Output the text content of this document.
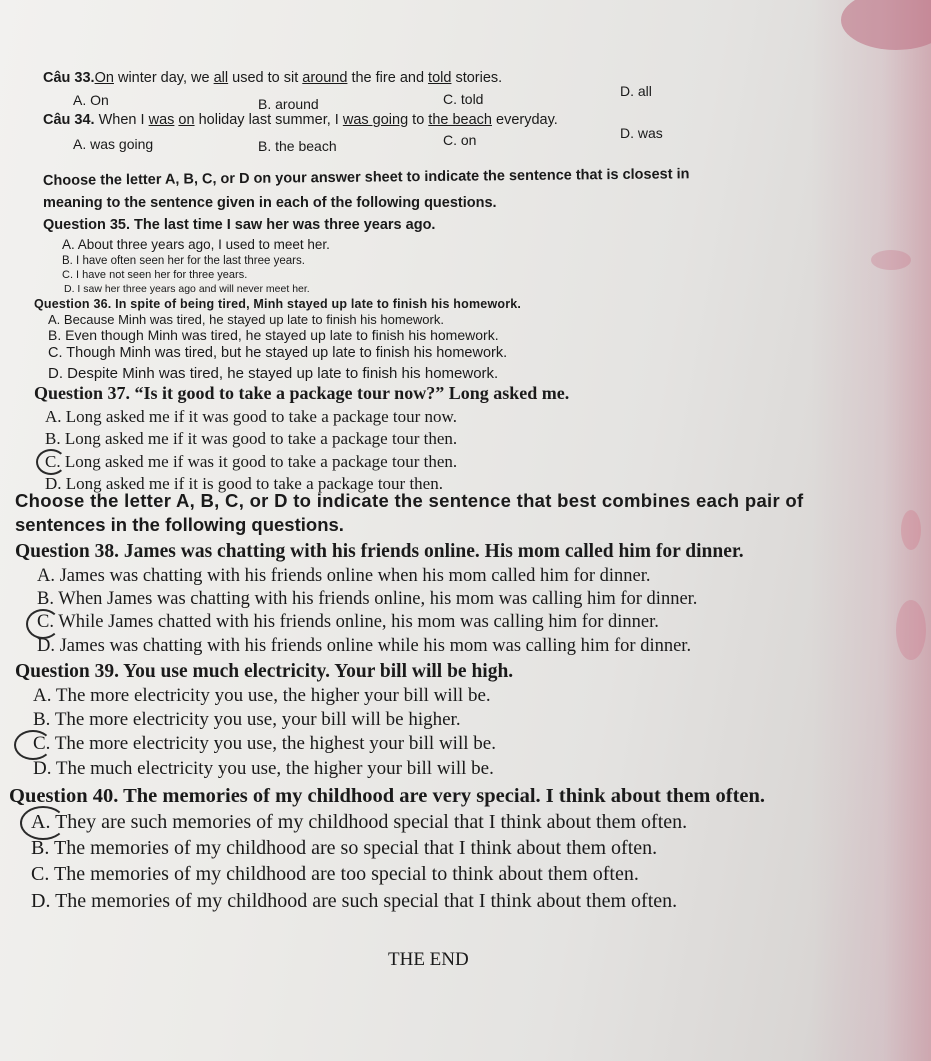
Câu 33.On winter day, we all used to sit around the fire and told stories.
A. On	B. around	C. told	D. all
Câu 34. When I was on holiday last summer, I was going to the beach everyday.
A. was going	B. the beach	C. on	D. was
Choose the letter A, B, C, or D on your answer sheet to indicate the sentence that is closest in
meaning to the sentence given in each of the following questions.
Question 35. The last time I saw her was three years ago.
A. About three years ago, I used to meet her.
B. I have often seen her for the last three years.
C. I have not seen her for three years.
D. I saw her three years ago and will never meet her.
Question 36. In spite of being tired, Minh stayed up late to finish his homework.
A. Because Minh was tired, he stayed up late to finish his homework.
B. Even though Minh was tired, he stayed up late to finish his homework.
C. Though Minh was tired, but he stayed up late to finish his homework.
D. Despite Minh was tired, he stayed up late to finish his homework.
Question 37. “Is it good to take a package tour now?” Long asked me.
A. Long asked me if it was good to take a package tour now.
B. Long asked me if it was good to take a package tour then.
C. Long asked me if was it good to take a package tour then.
D. Long asked me if it is good to take a package tour then.
Choose the letter A, B, C, or D to indicate the sentence that best combines each pair of
sentences in the following questions.
Question 38. James was chatting with his friends online. His mom called him for dinner.
A. James was chatting with his friends online when his mom called him for dinner.
B. When James was chatting with his friends online, his mom was calling him for dinner.
C. While James chatted with his friends online, his mom was calling him for dinner.
D. James was chatting with his friends online while his mom was calling him for dinner.
Question 39. You use much electricity. Your bill will be high.
A. The more electricity you use, the higher your bill will be.
B. The more electricity you use, your bill will be higher.
C. The more electricity you use, the highest your bill will be.
D. The much electricity you use, the higher your bill will be.
Question 40. The memories of my childhood are very special. I think about them often.
A. They are such memories of my childhood special that I think about them often.
B. The memories of my childhood are so special that I think about them often.
C. The memories of my childhood are too special to think about them often.
D. The memories of my childhood are such special that I think about them often.
THE END
